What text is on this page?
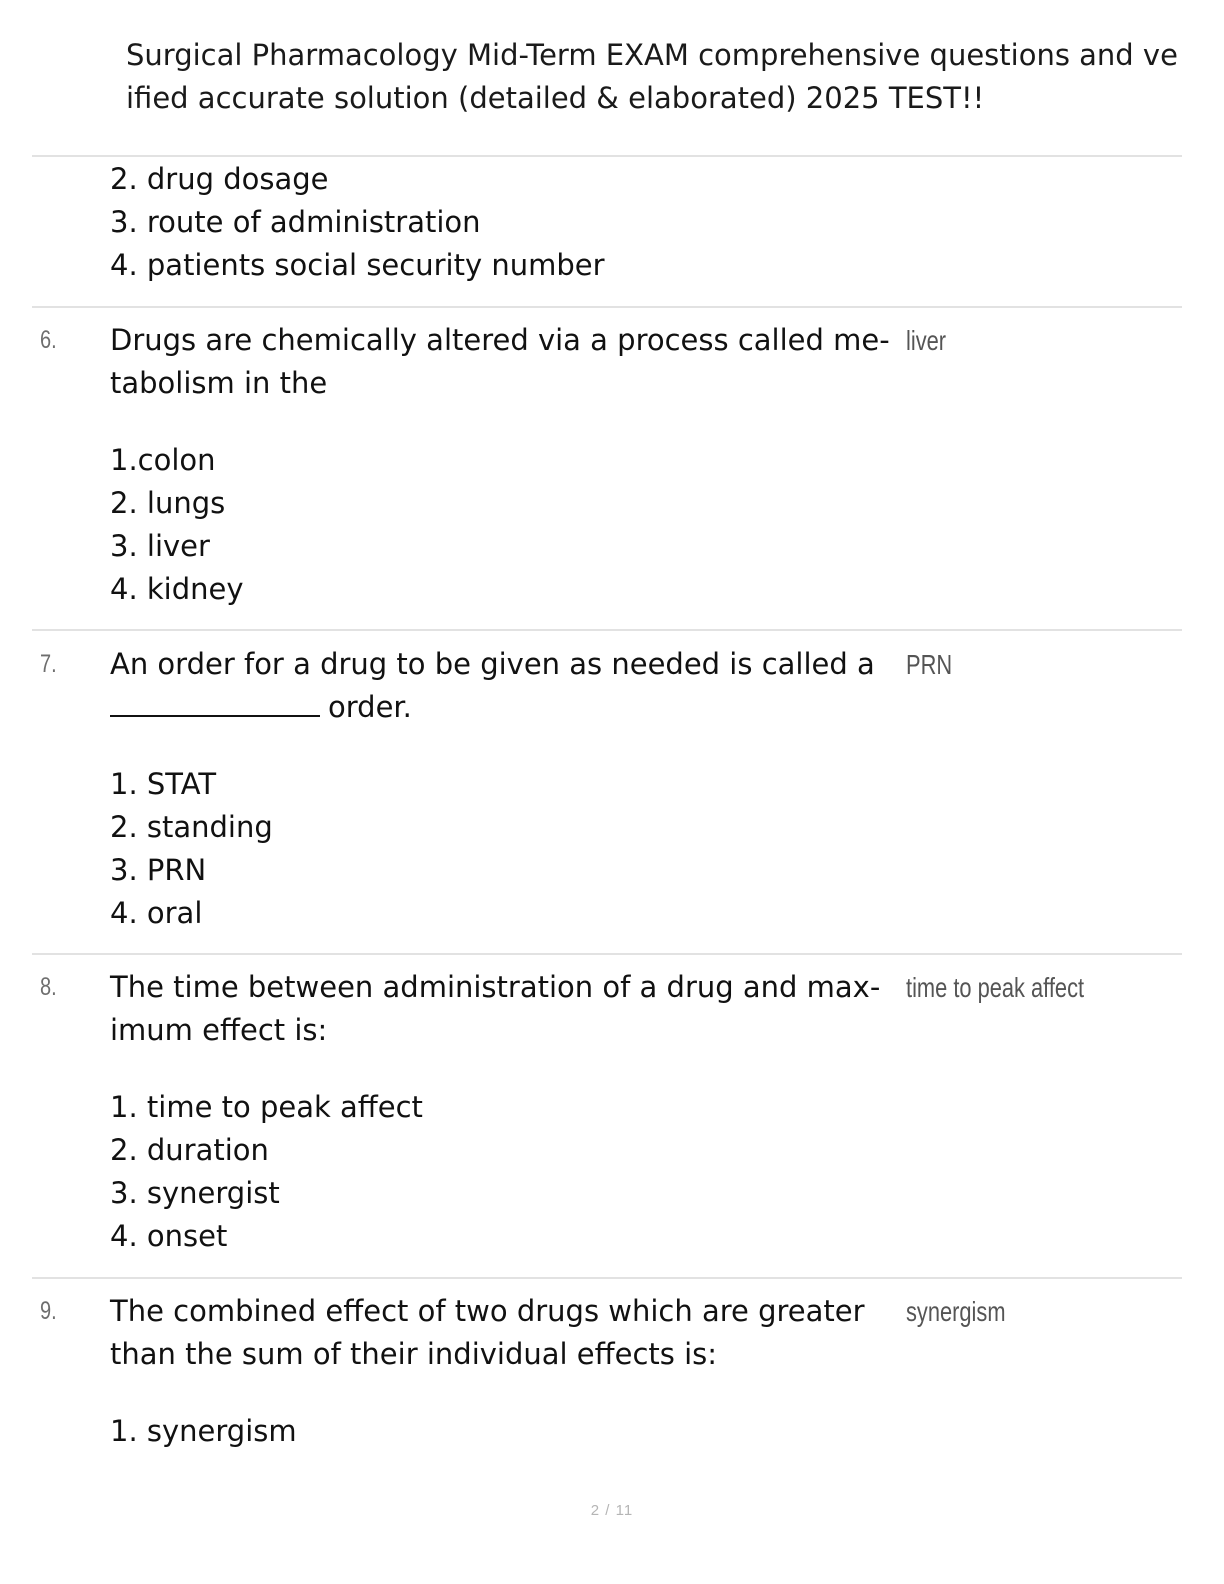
Surgical Pharmacology Mid-Term EXAM comprehensive questions and ve
ified accurate solution (detailed & elaborated) 2025 TEST!!
2. drug dosage
3. route of administration
4. patients social security number
6. Drugs are chemically altered via a process called me-
tabolism in the
liver
1.colon
2. lungs
3. liver
4. kidney
7. An order for a drug to be given as needed is called a
order.
PRN
1. STAT
2. standing
3. PRN
4. oral
8. The time between administration of a drug and max-
imum effect is:
time to peak affect
1. time to peak affect
2. duration
3. synergist
4. onset
9. The combined effect of two drugs which are greater
than the sum of their individual effects is:
synergism
1. synergism
2 / 11
